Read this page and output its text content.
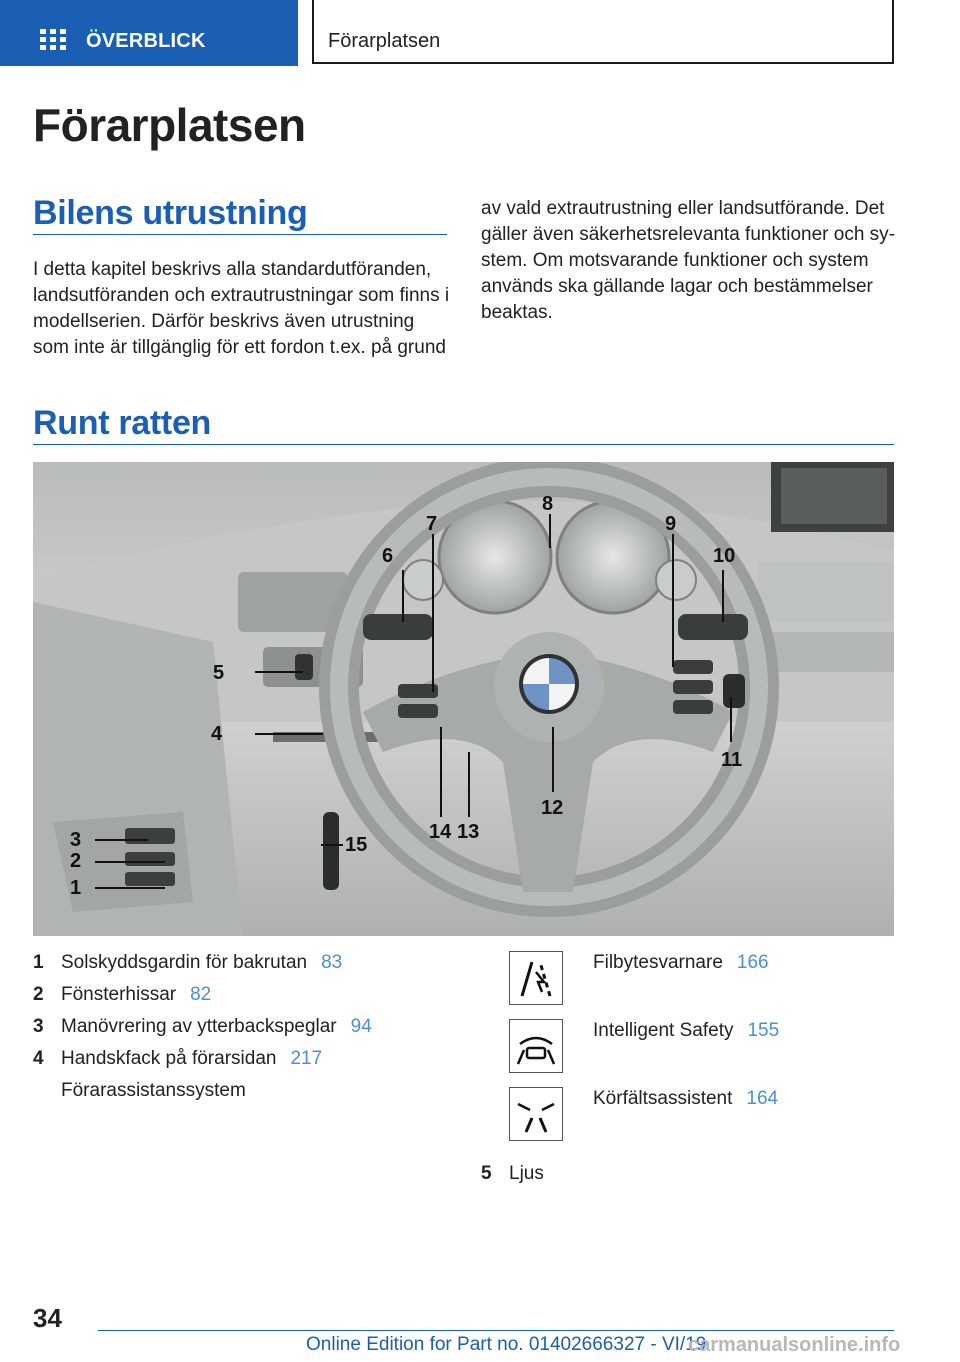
ÖVERBLICK	Förarplatsen
Förarplatsen
Bilens utrustning

I detta kapitel beskrivs alla standardutföranden, landsutföranden och extrautrustningar som finns i modellserien. Därför beskrivs även utrustning som inte är tillgänglig för ett fordon t.ex. på grund

av vald extrautrustning eller landsutförande. Det gäller även säkerhetsrelevanta funktioner och system. Om motsvarande funktioner och system används ska gällande lagar och bestämmelser beaktas.

Runt ratten
1
2
3
4
5
6
7
8
9
10
11
12
13
14
15
1 Solskyddsgardin för bakrutan 83
2 Fönsterhissar 82
3 Manövrering av ytterbackspeglar 94
4 Handskfack på förarsidan 217
Förarassistanssystem
Filbytesvarnare 166
Intelligent Safety 155
Körfältsassistent 164
5 Ljus
34
Online Edition for Part no. 01402666327 - VI/19
carmanualsonline.info
